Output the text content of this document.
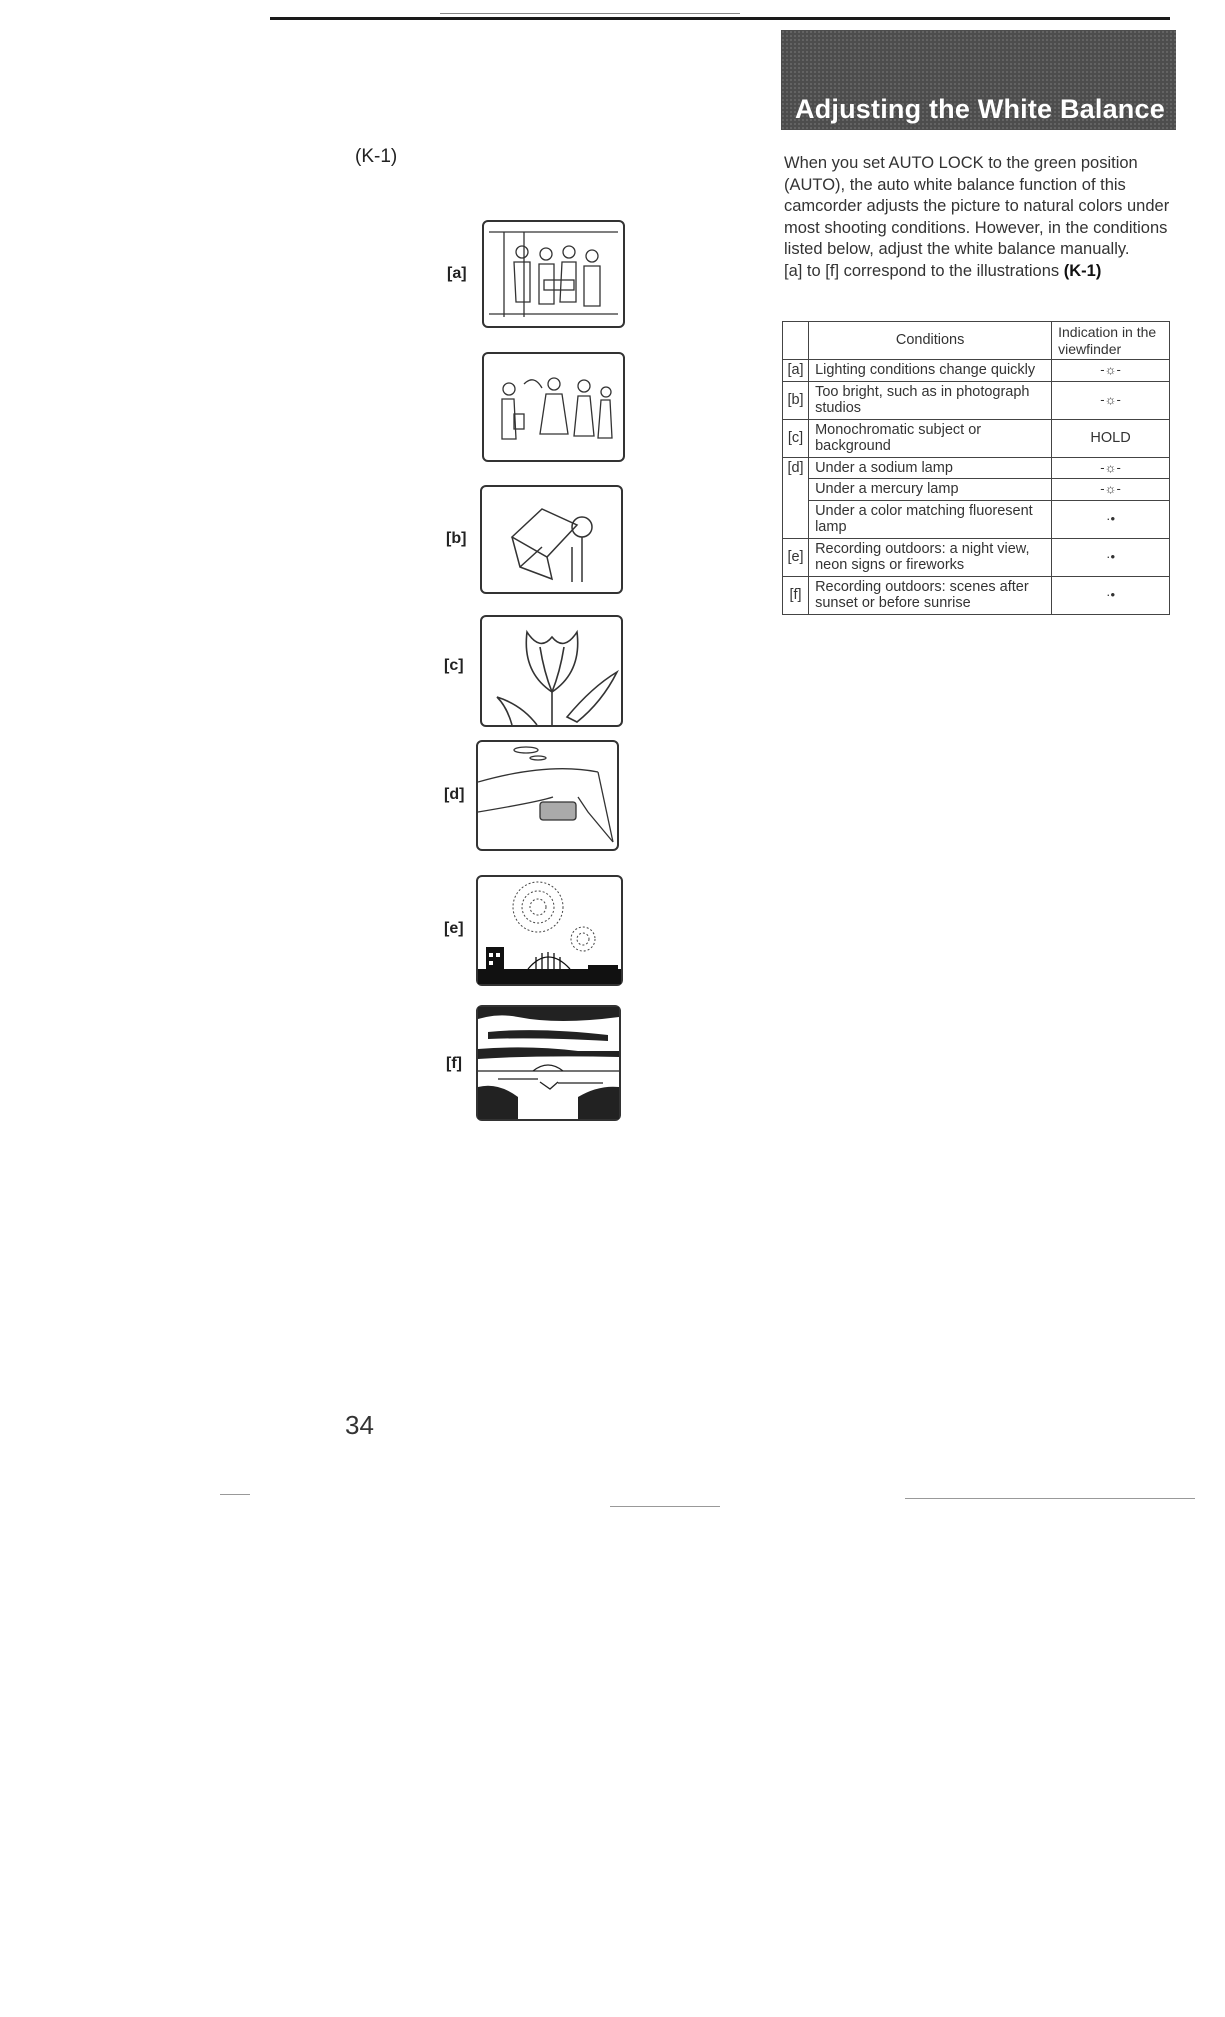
Adjusting the White Balance
(K-1)
[a]
[b]
[c]
[d]
[e]
[f]

When you set AUTO LOCK to the green position (AUTO), the auto white balance function of this camcorder adjusts the picture to natural colors under most shooting conditions. However, in the conditions listed below, adjust the white balance manually.

[a] to [f] correspond to the illustrations (K-1)

	Conditions	Indication in the viewfinder
[a]	Lighting conditions change quickly	-☼-
[b]	Too bright, such as in photograph studios	-☼-
[c]	Monochromatic subject or background	HOLD
[d]	Under a sodium lamp	-☼-
	Under a mercury lamp	-☼-
	Under a color matching fluoresent lamp	·•
[e]	Recording outdoors: a night view, neon signs or fireworks	·•
[f]	Recording outdoors: scenes after sunset or before sunrise	·•
34
